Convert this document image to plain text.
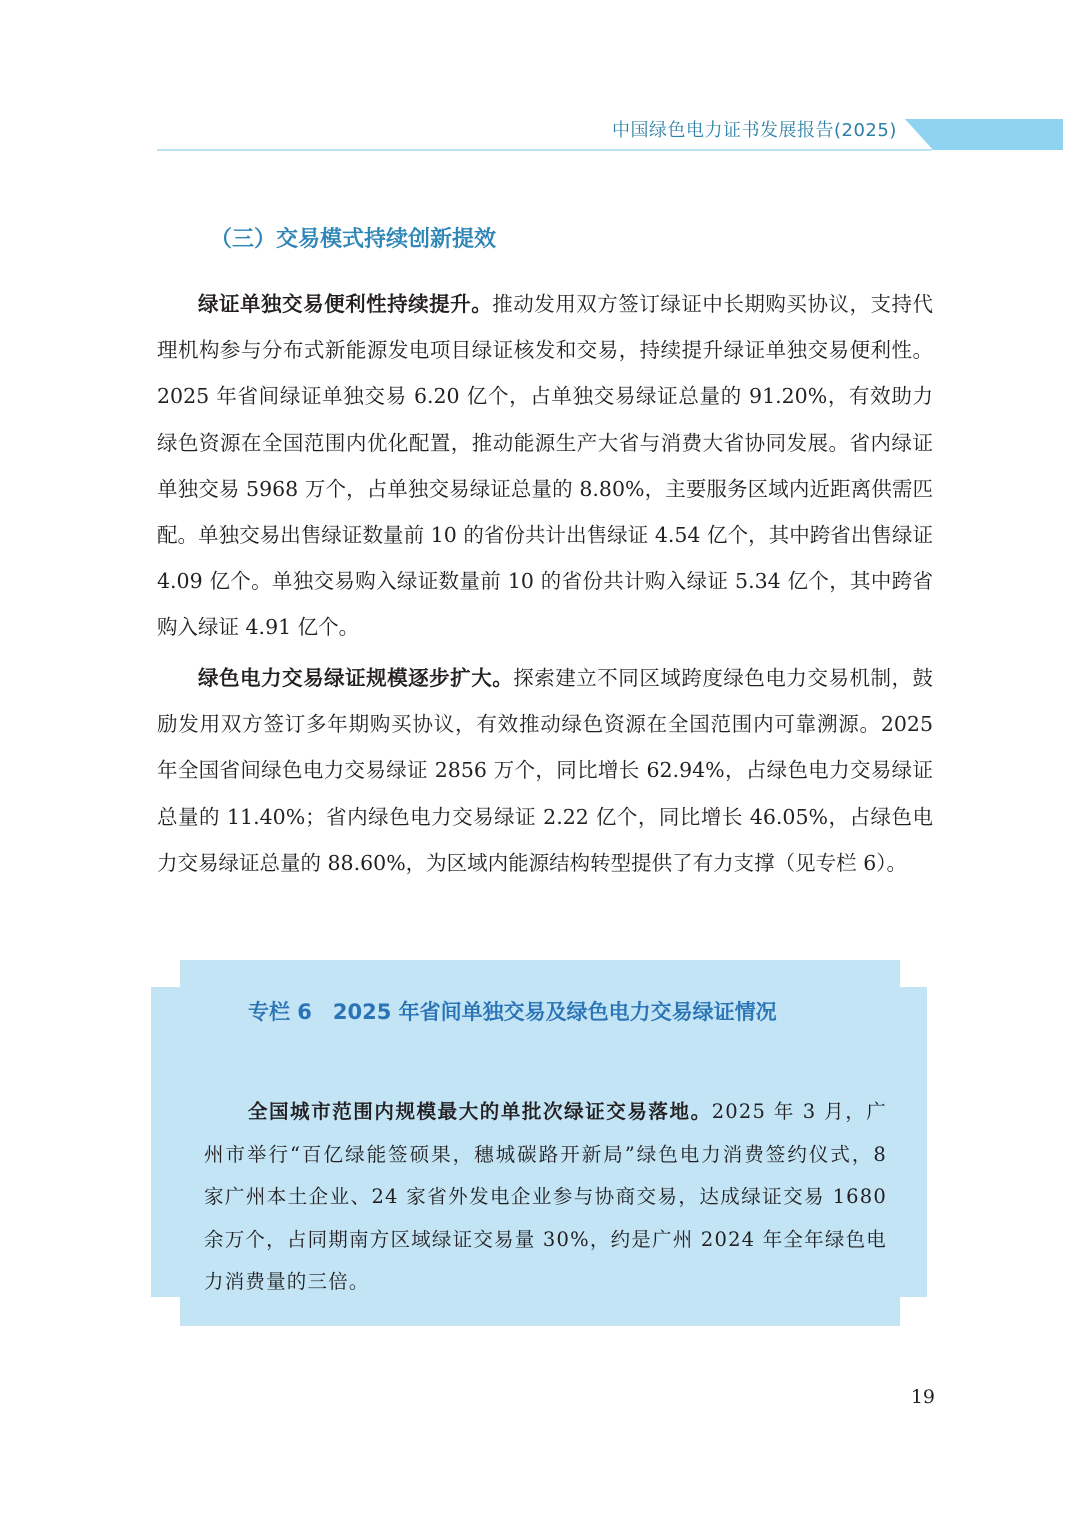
中国绿色电力证书发展报告(2025)
（三）交易模式持续创新提效

绿证单独交易便利性持续提升。推动发用双方签订绿证中长期购买协议，支持代理机构参与分布式新能源发电项目绿证核发和交易，持续提升绿证单独交易便利性。2025 年省间绿证单独交易 6.20 亿个，占单独交易绿证总量的 91.20%，有效助力绿色资源在全国范围内优化配置，推动能源生产大省与消费大省协同发展。省内绿证单独交易 5968 万个，占单独交易绿证总量的 8.80%，主要服务区域内近距离供需匹配。单独交易出售绿证数量前 10 的省份共计出售绿证 4.54 亿个，其中跨省出售绿证 4.09 亿个。单独交易购入绿证数量前 10 的省份共计购入绿证 5.34 亿个，其中跨省购入绿证 4.91 亿个。

绿色电力交易绿证规模逐步扩大。探索建立不同区域跨度绿色电力交易机制，鼓励发用双方签订多年期购买协议，有效推动绿色资源在全国范围内可靠溯源。2025 年全国省间绿色电力交易绿证 2856 万个，同比增长 62.94%，占绿色电力交易绿证总量的 11.40%；省内绿色电力交易绿证 2.22 亿个，同比增长 46.05%，占绿色电力交易绿证总量的 88.60%，为区域内能源结构转型提供了有力支撑（见专栏 6）。

专栏 6　2025 年省间单独交易及绿色电力交易绿证情况

全国城市范围内规模最大的单批次绿证交易落地。2025 年 3 月，广州市举行“百亿绿能签硕果，穗城碳路开新局”绿色电力消费签约仪式，8 家广州本土企业、24 家省外发电企业参与协商交易，达成绿证交易 1680 余万个，占同期南方区域绿证交易量 30%，约是广州 2024 年全年绿色电力消费量的三倍。

19
